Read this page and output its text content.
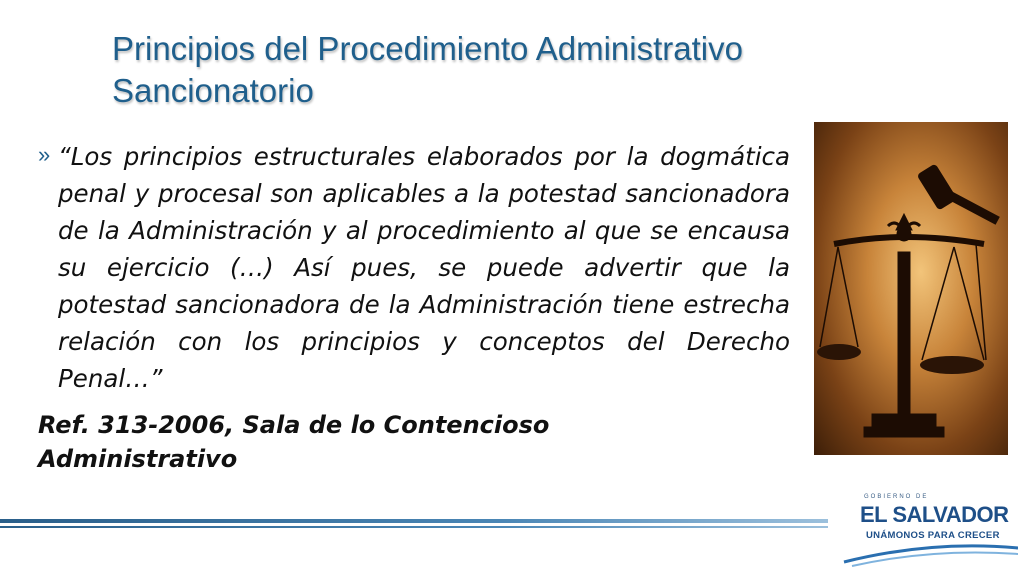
Principios del Procedimiento Administrativo
Sancionatorio
» “Los principios estructurales elaborados por la dogmática penal y procesal son aplicables a la potestad sancionadora de la Administración y al procedimiento al que se encausa su ejercicio (…) Así pues, se puede advertir que la potestad sancionadora de la Administración tiene estrecha relación con los principios y conceptos del Derecho Penal…”
Ref. 313-2006, Sala de lo Contencioso
Administrativo
GOBIERNO DE
EL SALVADOR
UNÁMONOS PARA CRECER
